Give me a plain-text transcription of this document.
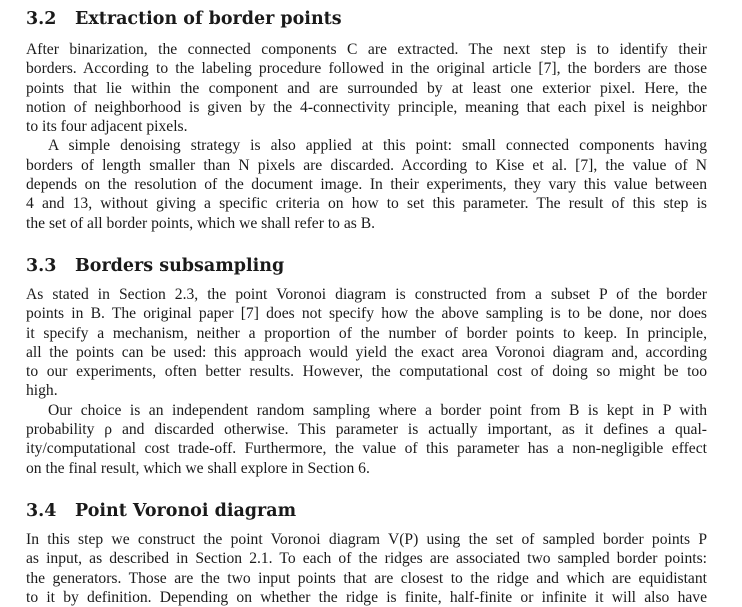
3.2 Extraction of border points
After binarization, the connected components C are extracted. The next step is to identify their
borders. According to the labeling procedure followed in the original article [7], the borders are those
points that lie within the component and are surrounded by at least one exterior pixel. Here, the
notion of neighborhood is given by the 4-connectivity principle, meaning that each pixel is neighbor
to its four adjacent pixels.
A simple denoising strategy is also applied at this point: small connected components having
borders of length smaller than N pixels are discarded. According to Kise et al. [7], the value of N
depends on the resolution of the document image. In their experiments, they vary this value between
4 and 13, without giving a specific criteria on how to set this parameter. The result of this step is
the set of all border points, which we shall refer to as B.
3.3 Borders subsampling
As stated in Section 2.3, the point Voronoi diagram is constructed from a subset P of the border
points in B. The original paper [7] does not specify how the above sampling is to be done, nor does
it specify a mechanism, neither a proportion of the number of border points to keep. In principle,
all the points can be used: this approach would yield the exact area Voronoi diagram and, according
to our experiments, often better results. However, the computational cost of doing so might be too
high.
Our choice is an independent random sampling where a border point from B is kept in P with
probability ρ and discarded otherwise. This parameter is actually important, as it defines a qual-
ity/computational cost trade-off. Furthermore, the value of this parameter has a non-negligible effect
on the final result, which we shall explore in Section 6.
3.4 Point Voronoi diagram
In this step we construct the point Voronoi diagram V(P) using the set of sampled border points P
as input, as described in Section 2.1. To each of the ridges are associated two sampled border points:
the generators. Those are the two input points that are closest to the ridge and which are equidistant
to it by definition. Depending on whether the ridge is finite, half-finite or infinite it will also have
